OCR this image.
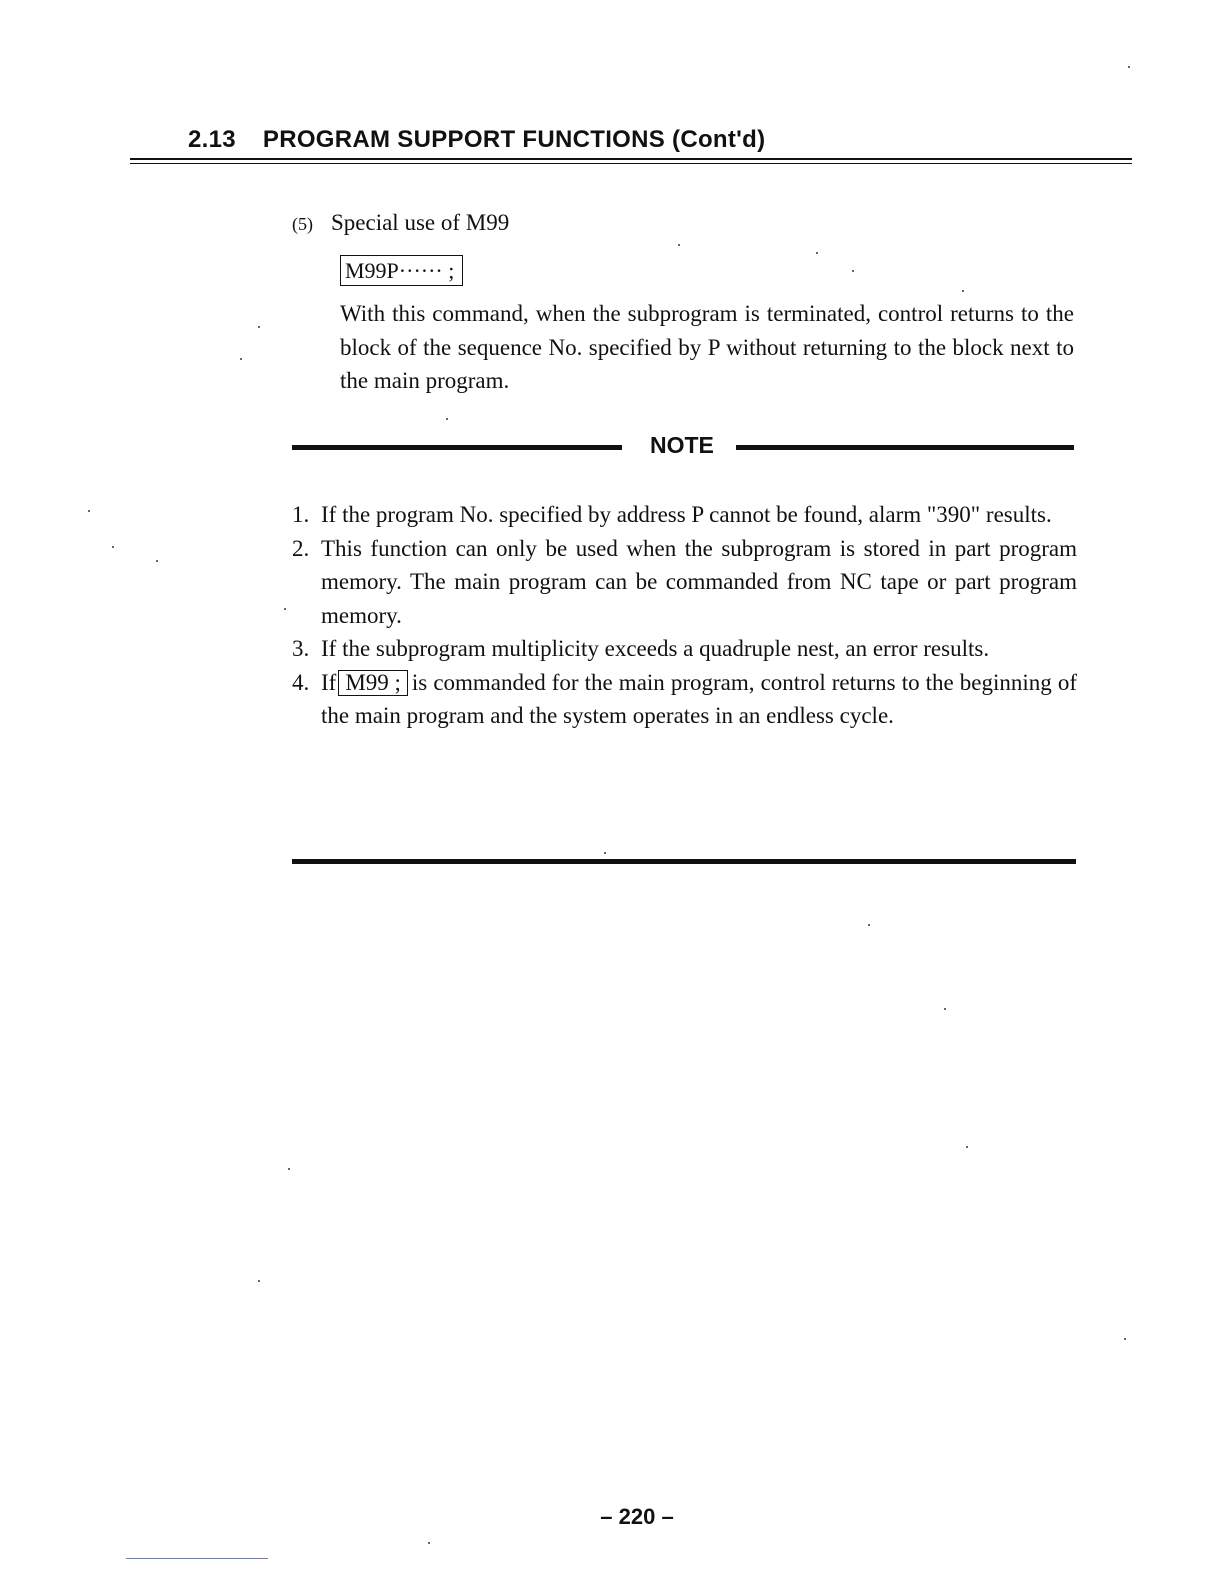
2.13 PROGRAM SUPPORT FUNCTIONS (Cont'd)
(5) Special use of M99
M99P······ ;
With this command, when the subprogram is terminated, control returns to the block of the sequence No. specified by P without returning to the block next to the main program.
NOTE
1. If the program No. specified by address P cannot be found, alarm "390" results.
2. This function can only be used when the subprogram is stored in part program memory. The main program can be commanded from NC tape or part program memory.
3. If the subprogram multiplicity exceeds a quadruple nest, an error results.
4. If M99 ; is commanded for the main program, control returns to the beginning of the main program and the system operates in an endless cycle.
– 220 –
